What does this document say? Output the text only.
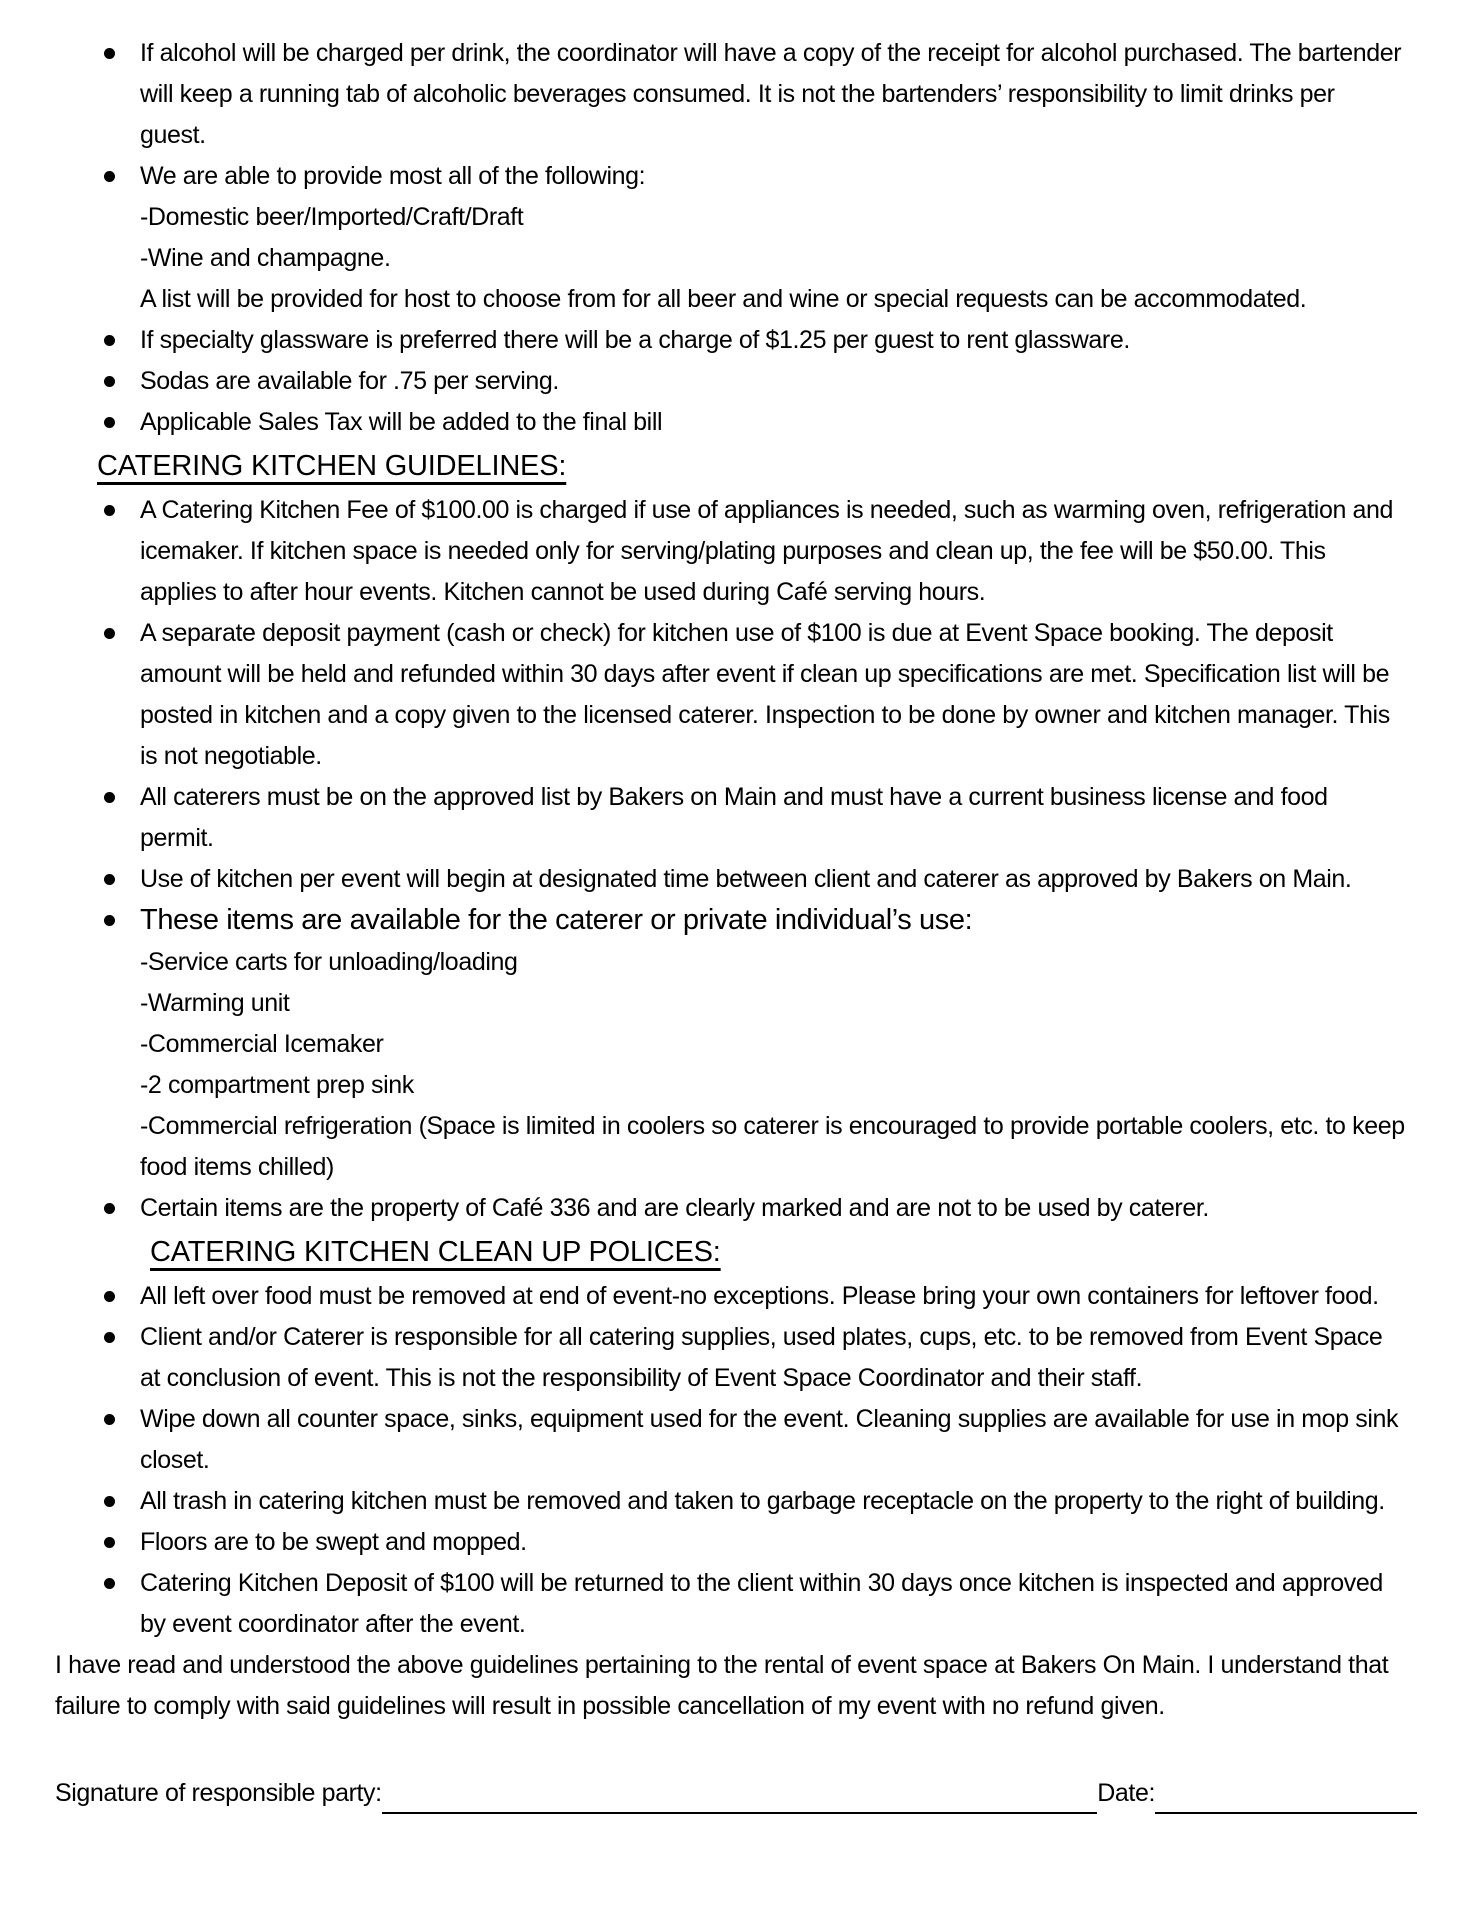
If alcohol will be charged per drink, the coordinator will have a copy of the receipt for alcohol purchased. The bartender will keep a running tab of alcoholic beverages consumed. It is not the bartenders’ responsibility to limit drinks per guest.
We are able to provide most all of the following:
-Domestic beer/Imported/Craft/Draft
-Wine and champagne.
A list will be provided for host to choose from for all beer and wine or special requests can be accommodated.
If specialty glassware is preferred there will be a charge of $1.25 per guest to rent glassware.
Sodas are available for .75 per serving.
Applicable Sales Tax will be added to the final bill
CATERING KITCHEN GUIDELINES:
A Catering Kitchen Fee of $100.00 is charged if use of appliances is needed, such as warming oven, refrigeration and icemaker. If kitchen space is needed only for serving/plating purposes and clean up, the fee will be $50.00. This applies to after hour events. Kitchen cannot be used during Café serving hours.
A separate deposit payment (cash or check) for kitchen use of $100 is due at Event Space booking. The deposit amount will be held and refunded within 30 days after event if clean up specifications are met. Specification list will be posted in kitchen and a copy given to the licensed caterer. Inspection to be done by owner and kitchen manager. This is not negotiable.
All caterers must be on the approved list by Bakers on Main and must have a current business license and food permit.
Use of kitchen per event will begin at designated time between client and caterer as approved by Bakers on Main.
These items are available for the caterer or private individual’s use:
-Service carts for unloading/loading
-Warming unit
-Commercial Icemaker
-2 compartment prep sink
-Commercial refrigeration (Space is limited in coolers so caterer is encouraged to provide portable coolers, etc. to keep food items chilled)
Certain items are the property of Café 336 and are clearly marked and are not to be used by caterer.
CATERING KITCHEN CLEAN UP POLICES:
All left over food must be removed at end of event-no exceptions. Please bring your own containers for leftover food.
Client and/or Caterer is responsible for all catering supplies, used plates, cups, etc. to be removed from Event Space at conclusion of event. This is not the responsibility of Event Space Coordinator and their staff.
Wipe down all counter space, sinks, equipment used for the event. Cleaning supplies are available for use in mop sink closet.
All trash in catering kitchen must be removed and taken to garbage receptacle on the property to the right of building.
Floors are to be swept and mopped.
Catering Kitchen Deposit of $100 will be returned to the client within 30 days once kitchen is inspected and approved by event coordinator after the event.

I have read and understood the above guidelines pertaining to the rental of event space at Bakers On Main. I understand that failure to comply with said guidelines will result in possible cancellation of my event with no refund given.

Signature of responsible party:	Date:
